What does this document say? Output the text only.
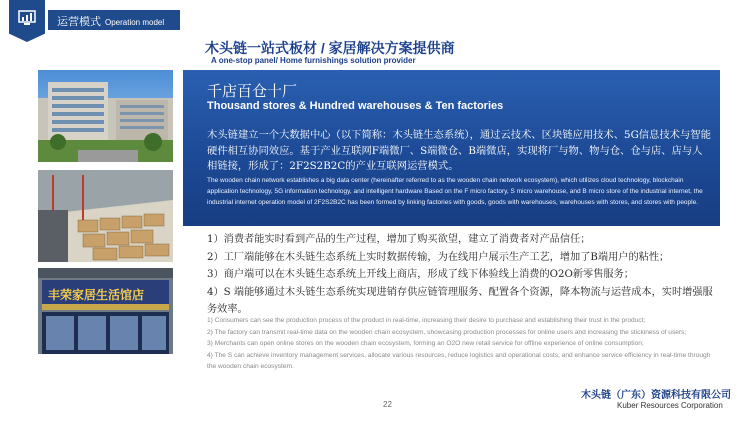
运营模式 Operation model
木头链一站式板材 / 家居解决方案提供商
A one-stop panel/ Home furnishings solution provider
丰荣家居生活馆店
千店百仓十厂
Thousand stores & Hundred warehouses & Ten factories
木头链建立一个大数据中心（以下简称：木头链生态系统），通过云技术、区块链应用技术、5G信息技术与智能硬件相互协同效应。基于产业互联网F端微厂、S端微仓、B端微店，实现将厂与物、物与仓、仓与店、店与人相链接，形成了：2F2S2B2C的产业互联网运营模式。
The wooden chain network establishes a big data center (hereinafter referred to as the wooden chain network ecosystem), which utilizes cloud technology, blockchain application technology, 5G information technology, and intelligent hardware Based on the F micro factory, S micro warehouse, and B micro store of the industrial internet, the industrial internet operation model of 2F2S2B2C has been formed by linking factories with goods, goods with warehouses, warehouses with stores, and stores with people.
1）消费者能实时看到产品的生产过程，增加了购买欲望，建立了消费者对产品信任；
2）工厂端能够在木头链生态系统上实时数据传输，为在线用户展示生产工艺，增加了B端用户的粘性；
3）商户端可以在木头链生态系统上开线上商店，形成了线下体验线上消费的O2O新零售服务；
4）S 端能够通过木头链生态系统实现进销存供应链管理服务、配置各个资源，降本物流与运营成本，实时增强服务效率。
1) Consumers can see the production process of the product in real-time, increasing their desire to purchase and establishing their trust in the product;
2) The factory can transmit real-time data on the wooden chain ecosystem, showcasing production processes for online users and increasing the stickiness of users;
3) Merchants can open online stores on the wooden chain ecosystem, forming an O2O new retail service for offline experience of online consumption;
4) The S can achieve inventory management services, allocate various resources, reduce logistics and operational costs, and enhance service efficiency in real-time through the wooden chain ecosystem.
22
木头链（广东）资源科技有限公司
Kuber Resources Corporation
